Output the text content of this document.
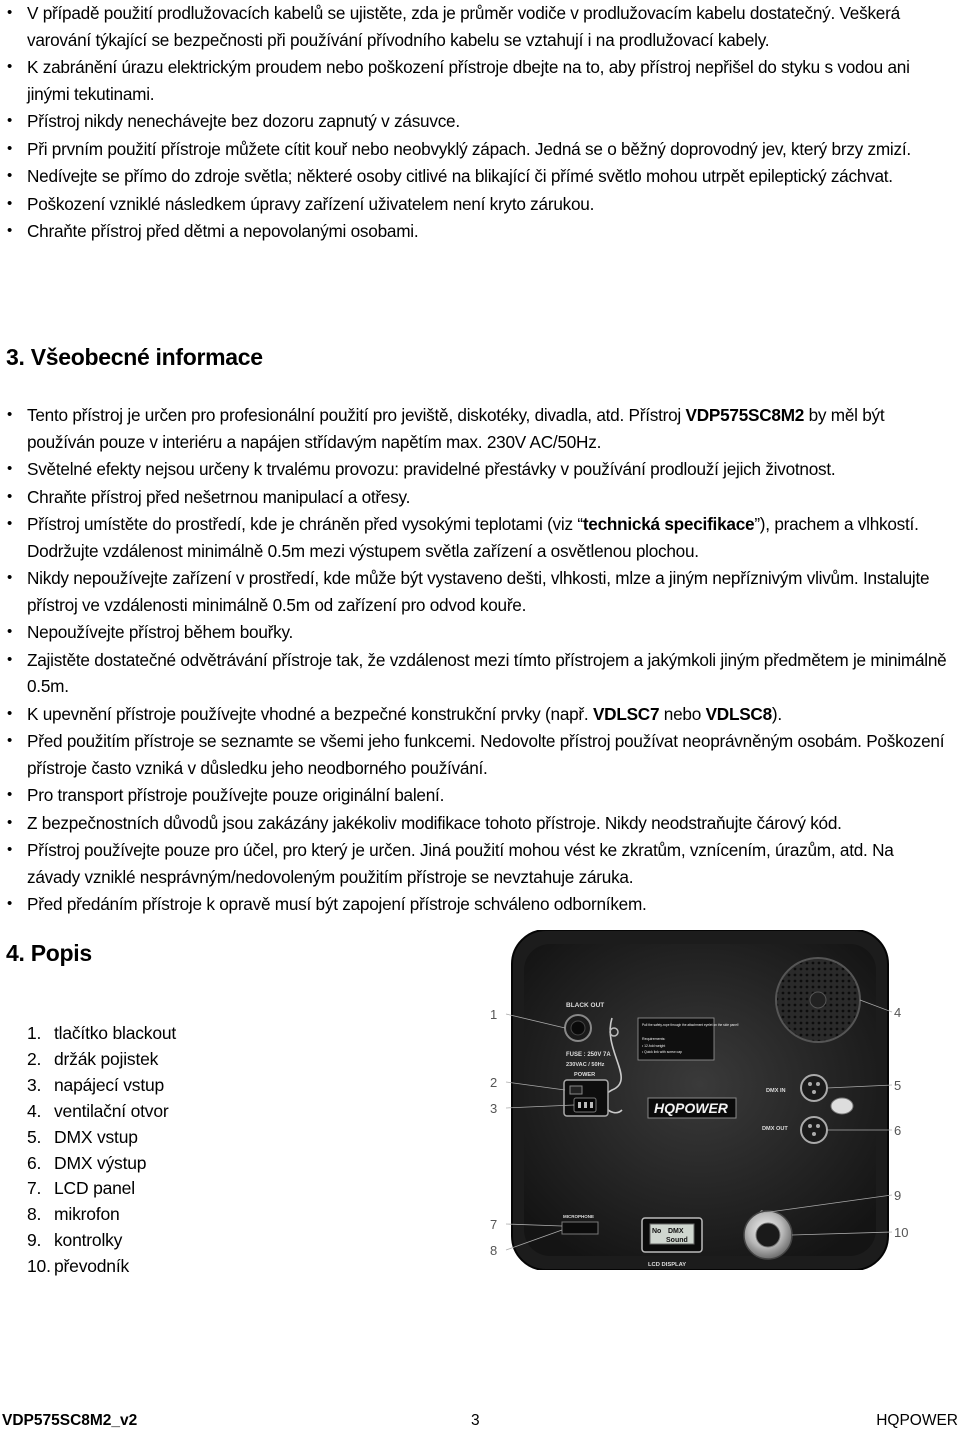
• V případě použití prodlužovacích kabelů se ujistěte, zda je průměr vodiče v prodlužovacím kabelu dostatečný. Veškerá varování týkající se bezpečnosti při používání přívodního kabelu se vztahují i na prodlužovací kabely.
• K zabránění úrazu elektrickým proudem nebo poškození přístroje dbejte na to, aby přístroj nepřišel do styku s vodou ani jinými tekutinami.
• Přístroj nikdy nenechávejte bez dozoru zapnutý v zásuvce.
• Při prvním použití přístroje můžete cítit kouř nebo neobvyklý zápach. Jedná se o běžný doprovodný jev, který brzy zmizí.
• Nedívejte se přímo do zdroje světla; některé osoby citlivé na blikající či přímé světlo mohou utrpět epileptický záchvat.
• Poškození vzniklé následkem úpravy zařízení uživatelem není kryto zárukou.
• Chraňte přístroj před dětmi a nepovolanými osobami.
3. Všeobecné informace
• Tento přístroj je určen pro profesionální použití pro jeviště, diskotéky, divadla, atd. Přístroj VDP575SC8M2 by měl být používán pouze v interiéru a napájen střídavým napětím max. 230V AC/50Hz.
• Světelné efekty nejsou určeny k trvalému provozu: pravidelné přestávky v používání prodlouží jejich životnost.
• Chraňte přístroj před nešetrnou manipulací a otřesy.
• Přístroj umístěte do prostředí, kde je chráněn před vysokými teplotami (viz “technická specifikace”), prachem a vlhkostí. Dodržujte vzdálenost minimálně 0.5m mezi výstupem světla zařízení a osvětlenou plochou.
• Nikdy nepoužívejte zařízení v prostředí, kde může být vystaveno dešti, vlhkosti, mlze a jiným nepříznivým vlivům. Instalujte přístroj ve vzdálenosti minimálně 0.5m od zařízení pro odvod kouře.
• Nepoužívejte přístroj během bouřky.
• Zajistěte dostatečné odvětrávání přístroje tak, že vzdálenost mezi tímto přístrojem a jakýmkoli jiným předmětem je minimálně 0.5m.
• K upevnění přístroje používejte vhodné a bezpečné konstrukční prvky (např. VDLSC7 nebo VDLSC8).
• Před použitím přístroje se seznamte se všemi jeho funkcemi. Nedovolte přístroj používat neoprávněným osobám. Poškození přístroje často vzniká v důsledku jeho neodborného používání.
• Pro transport přístroje používejte pouze originální balení.
• Z bezpečnostních důvodů jsou zakázány jakékoliv modifikace tohoto přístroje. Nikdy neodstraňujte čárový kód.
• Přístroj používejte pouze pro účel, pro který je určen. Jiná použití mohou vést ke zkratům, vznícením, úrazům, atd. Na závady vzniklé nesprávným/nedovoleným použitím přístroje se nevztahuje záruka.
• Před předáním přístroje k opravě musí být zapojení přístroje schváleno odborníkem.
4. Popis
1. tlačítko blackout
2. držák pojistek
3. napájecí vstup
4. ventilační otvor
5. DMX vstup
6. DMX výstup
7. LCD panel
8. mikrofon
9. kontrolky
10. převodník
BLACK OUT
Pull the safety-rope through the attachment eyelet on the side panel!
Requirements:
• 12-fold weight
• Quick link with screw cap
FUSE : 250V 7A
230VAC / 50Hz
POWER
HQPOWER
DMX IN
DMX OUT
MICROPHONE
No DMX
Sound
LCD DISPLAY
1
2
3
4
5
6
7
8
9
10
VDP575SC8M2_v2	3	HQPOWER
